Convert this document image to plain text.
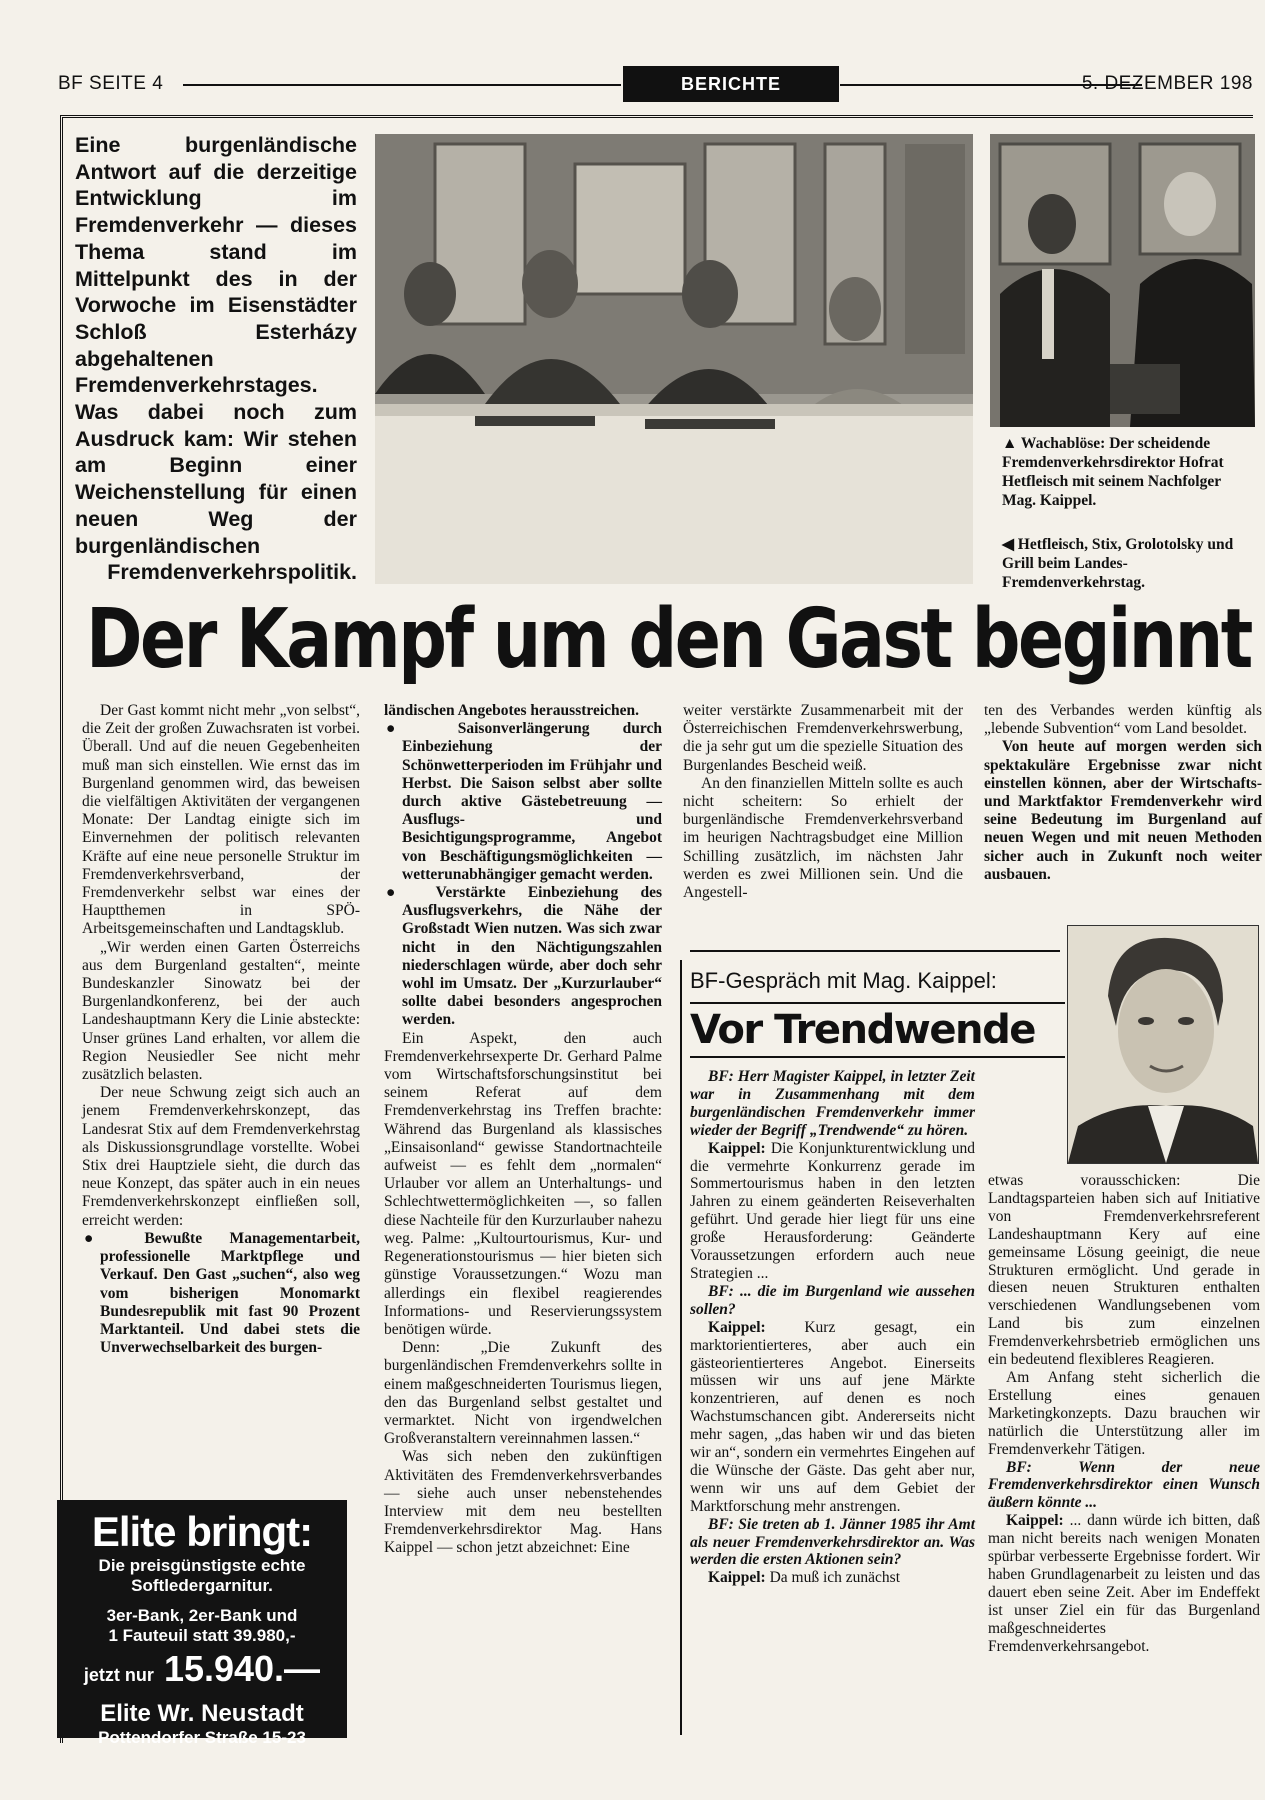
BF SEITE 4	BERICHTE	5. DEZEMBER 198
Eine burgenländische Antwort auf die derzeitige Entwicklung im Fremdenverkehr — dieses Thema stand im Mittelpunkt des in der Vorwoche im Eisenstädter Schloß Esterházy abgehaltenen Fremdenverkehrstages. Was dabei noch zum Ausdruck kam: Wir stehen am Beginn einer Weichenstellung für einen neuen Weg der burgenländischen Fremdenverkehrspolitik.
▲ Wachablöse: Der scheidende Fremdenverkehrsdirektor Hofrat Hetfleisch mit seinem Nachfolger Mag. Kaippel.
◀ Hetfleisch, Stix, Grolotolsky und Grill beim Landes-Fremdenverkehrstag.
Der Kampf um den Gast beginnt

Der Gast kommt nicht mehr „von selbst“, die Zeit der großen Zuwachsraten ist vorbei. Überall. Und auf die neuen Gegebenheiten muß man sich einstellen. Wie ernst das im Burgenland genommen wird, das beweisen die vielfältigen Aktivitäten der vergangenen Monate: Der Landtag einigte sich im Einvernehmen der politisch relevanten Kräfte auf eine neue personelle Struktur im Fremdenverkehrsverband, der Fremdenverkehr selbst war eines der Hauptthemen in SPÖ-Arbeitsgemeinschaften und Landtagsklub.

„Wir werden einen Garten Österreichs aus dem Burgenland gestalten“, meinte Bundeskanzler Sinowatz bei der Burgenlandkonferenz, bei der auch Landeshauptmann Kery die Linie absteckte: Unser grünes Land erhalten, vor allem die Region Neusiedler See nicht mehr zusätzlich belasten.

Der neue Schwung zeigt sich auch an jenem Fremdenverkehrskonzept, das Landesrat Stix auf dem Fremdenverkehrstag als Diskussionsgrundlage vorstellte. Wobei Stix drei Hauptziele sieht, die durch das neue Konzept, das später auch in ein neues Fremdenverkehrskonzept einfließen soll, erreicht werden:

● Bewußte Managementarbeit, professionelle Marktpflege und Verkauf. Den Gast „suchen“, also weg vom bisherigen Monomarkt Bundesrepublik mit fast 90 Prozent Marktanteil. Und dabei stets die Unverwechselbarkeit des burgen-

ländischen Angebotes herausstreichen.

● Saisonverlängerung durch Einbeziehung der Schönwetterperioden im Frühjahr und Herbst. Die Saison selbst aber sollte durch aktive Gästebetreuung — Ausflugs- und Besichtigungsprogramme, Angebot von Beschäftigungsmöglichkeiten — wetterunabhängiger gemacht werden.

● Verstärkte Einbeziehung des Ausflugsverkehrs, die Nähe der Großstadt Wien nutzen. Was sich zwar nicht in den Nächtigungszahlen niederschlagen würde, aber doch sehr wohl im Umsatz. Der „Kurzurlauber“ sollte dabei besonders angesprochen werden.

Ein Aspekt, den auch Fremdenverkehrsexperte Dr. Gerhard Palme vom Wirtschaftsforschungsinstitut bei seinem Referat auf dem Fremdenverkehrstag ins Treffen brachte: Während das Burgenland als klassisches „Einsaisonland“ gewisse Standortnachteile aufweist — es fehlt dem „normalen“ Urlauber vor allem an Unterhaltungs- und Schlechtwettermöglichkeiten —, so fallen diese Nachteile für den Kurzurlauber nahezu weg. Palme: „Kultourtourismus, Kur- und Regenerationstourismus — hier bieten sich günstige Voraussetzungen.“ Wozu man allerdings ein flexibel reagierendes Informations- und Reservierungssystem benötigen würde.

Denn: „Die Zukunft des burgenländischen Fremdenverkehrs sollte in einem maßgeschneiderten Tourismus liegen, den das Burgenland selbst gestaltet und vermarktet. Nicht von irgendwelchen Großveranstaltern vereinnahmen lassen.“

Was sich neben den zukünftigen Aktivitäten des Fremdenverkehrsverbandes — siehe auch unser nebenstehendes Interview mit dem neu bestellten Fremdenverkehrsdirektor Mag. Hans Kaippel — schon jetzt abzeichnet: Eine

weiter verstärkte Zusammenarbeit mit der Österreichischen Fremdenverkehrswerbung, die ja sehr gut um die spezielle Situation des Burgenlandes Bescheid weiß.

An den finanziellen Mitteln sollte es auch nicht scheitern: So erhielt der burgenländische Fremdenverkehrsverband im heurigen Nachtragsbudget eine Million Schilling zusätzlich, im nächsten Jahr werden es zwei Millionen sein. Und die Angestell-

ten des Verbandes werden künftig als „lebende Subvention“ vom Land besoldet.

Von heute auf morgen werden sich spektakuläre Ergebnisse zwar nicht einstellen können, aber der Wirtschafts- und Marktfaktor Fremdenverkehr wird seine Bedeutung im Burgenland auf neuen Wegen und mit neuen Methoden sicher auch in Zukunft noch weiter ausbauen.

BF-Gespräch mit Mag. Kaippel:
Vor Trendwende

BF: Herr Magister Kaippel, in letzter Zeit war in Zusammenhang mit dem burgenländischen Fremdenverkehr immer wieder der Begriff „Trendwende“ zu hören.

Kaippel: Die Konjunkturentwicklung und die vermehrte Konkurrenz gerade im Sommertourismus haben in den letzten Jahren zu einem geänderten Reiseverhalten geführt. Und gerade hier liegt für uns eine große Herausforderung: Geänderte Voraussetzungen erfordern auch neue Strategien ...

BF: ... die im Burgenland wie aussehen sollen?

Kaippel: Kurz gesagt, ein marktorientierteres, aber auch ein gästeorientierteres Angebot. Einerseits müssen wir uns auf jene Märkte konzentrieren, auf denen es noch Wachstumschancen gibt. Andererseits nicht mehr sagen, „das haben wir und das bieten wir an“, sondern ein vermehrtes Eingehen auf die Wünsche der Gäste. Das geht aber nur, wenn wir uns auf dem Gebiet der Marktforschung mehr anstrengen.

BF: Sie treten ab 1. Jänner 1985 ihr Amt als neuer Fremdenverkehrsdirektor an. Was werden die ersten Aktionen sein?

Kaippel: Da muß ich zunächst

etwas vorausschicken: Die Landtagsparteien haben sich auf Initiative von Fremdenverkehrsreferent Landeshauptmann Kery auf eine gemeinsame Lösung geeinigt, die neue Strukturen ermöglicht. Und gerade in diesen neuen Strukturen enthalten verschiedenen Wandlungsebenen vom Land bis zum einzelnen Fremdenverkehrsbetrieb ermöglichen uns ein bedeutend flexibleres Reagieren.

Am Anfang steht sicherlich die Erstellung eines genauen Marketingkonzepts. Dazu brauchen wir natürlich die Unterstützung aller im Fremdenverkehr Tätigen.

BF:	Wenn der neue Fremdenverkehrsdirektor einen Wunsch äußern könnte ...

Kaippel: ... dann würde ich bitten, daß man nicht bereits nach wenigen Monaten spürbar verbesserte Ergebnisse fordert. Wir haben Grundlagenarbeit zu leisten und das dauert eben seine Zeit. Aber im Endeffekt ist unser Ziel ein für das Burgenland maßgeschneidertes Fremdenverkehrsangebot.

Elite bringt:
Die preisgünstigste echte
Softledergarnitur.
3er-Bank, 2er-Bank und
1 Fauteuil statt 39.980,-
jetzt nur 15.940.—
Elite Wr. Neustadt
Pottendorfer Straße 15-23
